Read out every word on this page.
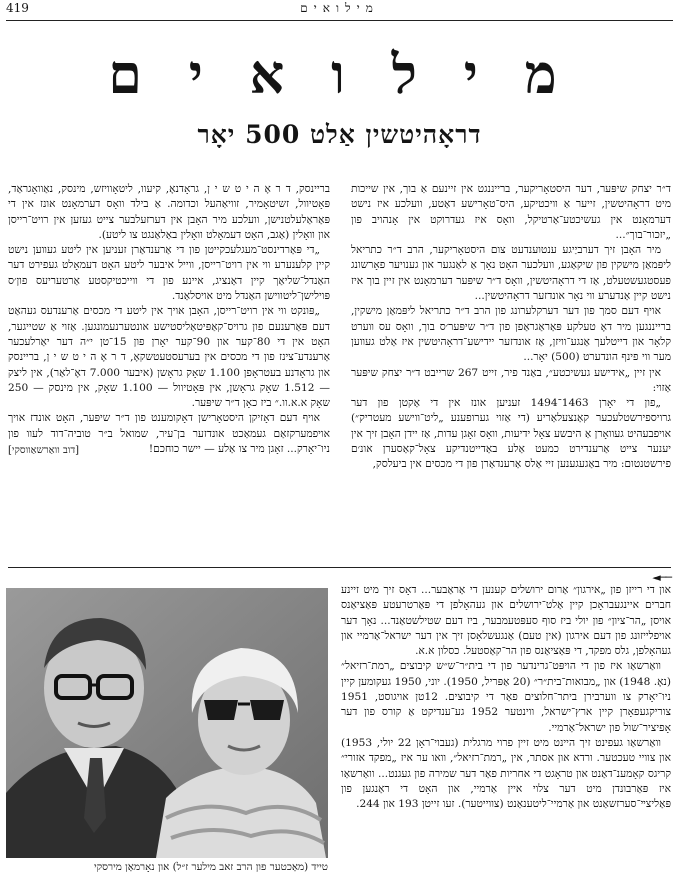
419	מילואים
מ י ל ו א י ם
דראָהיטשין אַלט 500 יאָר

ד״ר יצחק שיפּער, דער היסטאָריקער, ברייננגט אין זיינעם אַ בוך, אין שייכות מיט דראָהיטשין, זייער אַ וויכטיקע, היס־טאָרישע דאַטע, וועלכע איז נישט דערמאָנט אין געשיכטע־אַרטיקל, וואָס איז געדרוקט אין אָנהויב פון „יזכור־בוך״...

מיר האָבן זיך דערביַיגע ענטוענדעט צום היסטאָריקער, הרב ד״ר כתריאל ליפּמאַן מישקין פון שיקאַגע, וועלכער האָט נאָך אַ לאַנגער און גענויער פאָרשונג פעסטגעשטעלט, אַז די דראָהיטשין, וואָס ד״ר שיפּער דערמאָנט אין זיין בוך איז נישט קיין אַנדערע ווי נאָר אונדזער דראָהיטשין...

אויף דעם סמך פון דער דערקלערונג פון הרב ד״ר כתריאל ליפּמאַן מישקין, ברייננגען מיר דאָ טעלקע פּאַראַגראַפן פון ד״ר שיפּער׳ס בוך, וואָס עס ווערט קלאָר און דייטלעך אַנגע־וויזן, אַז אונדזער יידישע־דראָהיטשין איז אַלט געווען מער ווי פינף הונדערט (500) יאָר...

אין זיין „אידישע געשיכטע״, באַנד פיר, זייט 267 שרייבט ד״ר יצחק שיפּער אַזוי:

„פון די יאָרן 1463־1494 זעניען אונז אין די אַקטן פון דער גרויספירשטלעכער קאַנצעלאַריע (די אַזוי גערופענע „ליט־ווישע מעטריק״) אויפבעהיט געוואָרן אַ היבשע צאָל ידיעות, וואָס זאָגן עדות, אַז יידן האָבן זיך אין יענער צייט אַרענדירט כמעט אַלע באַדייטנדיקע צאָל־קאַסערן אונ׳ם פירשטנטום: מיר באַגעגענען זיי אַלס אַרענדאַרן פון די מכסים אין ביעלסק,

בריינסק, ד ר אָ ה י ט ש י ן, גראָדנאָ, קיעוו, ליטאָוויזש, מינסק, נאַוואָגראַד, פּאָטיוול, זשיטאָמיר, זוויאַהעל וכדומה. אַ בילד וואָס דערמאָנט אונז אין די פּאַראַלעלטנישן, וועלכע מיר האָבן אין דערזעלבער צייט געזען אין רויט־רייסן און וואָלין (אַגב, האָט דעמאָלט וואָלין באַלאַנגט צו ליטע).

„די פּאַרדינסט־מעגלעכקייטן פון די אַרענדאַרן זעניען אין ליטע געווען נישט קיין קלענערע ווי אין רויט־רייסן, ווייל איבער ליטע האָט דעמאָלט געפירט דער האַנדל־שליאַך קיין דאַנציג, איינע פון די ווייכטיקסטע אַרטעריעס פון׳ס פּוילישן־ליטווישן האַנדל מיט אויסלאַנד.

„פּונקט ווי אין רויט־רייסן, האָבן אויך אין ליטע די מכסים אַרענדעס געהאַט דעם פּאַרענעם פון גרויס־קאַפּיטאַליסטישע אונטערנעמונגען. אַזוי אַ שטייגער, האָט אין די 80־קער און 90־קער יאָרן פון 15־טן י״ה דער יאַרלעכער אַרענדע־צינז פון די מכסים אין בערעסטעטשקאָ, ד ר אָ ה י ט ש י ן, בריינסק און גראָדנע בעטראָפן 1.100 שאָק גראָשן (איבער 7.000 דאָ־לאַר), אין ליצק — 1.512 שאָק גראָשן, אין פּאָטיוול — 1.100 שאָק, אין מינסק — 250 שאָק א.א.וו.״ ביז כאָן ד״ר שיפּער.

אויף דעם דאָזיקן היסטאָרישן דאָקומענט פון ד״ר שיפּער, האָט אונדז אויך אויפמערקזאַם געמאַכט אונדזער בן־עיר, שמואל ב״ר טוביה־דוד לעוו פון ניו־יאָרק... זאָגן מיר צו אַלע — יישר כוחכם!
[דוב וואַרשאַווסקי]

◄──

און די רייזן פון „אירגון״ אַרום ירושלים קענען די אַראַבער... דאָס זיך מיט זיינע חברים איינגעבראָכן קיין אַלט־ירושלים און געהאָלפן די פּאַרטרעטע פּאַציאַנס אויסן „הר־ציון״ פון יולי ביז סוף סעפּטעמבער, ביז דעם שטילשטאַנד... נאָך דער אויפלייזונג פון דעם אירגון (אין טעם) אַנגעשלאָסן זיך אין דער ישראל־אַרמיי און געהאָלפן, גלס מפקד, די פּאַציאַנס פון הר־קאַסטעל. כסלון א.א.

וואַרשאַו איז פון די הויפּט־גרינדער פון די בית״ר־ש״ש קיבוצים „רמת־רזיאל״ (נאָ. 1948) און „מבואות־בית״ר״ (20 אַפּריל, 1950). יוני, 1950 געקומען קיין ניו־יאָרק צו ווערבירן ביתר־חלוצים פאַר די קיבוצים. 12טן אויגוסט, 1951 צוריקגעפאָרן קיין ארץ־ישראל, ווינטער 1952 גע־ענדיקט אַ קורס פון דער אָפיציר־שול פון ישראל־אַרמיי.

וואַרשאַו געפינט זיך היינט מיט זיין פרוי מרגלית (געבוי־ראָן 22 יולי, 1953) און צוויי טעכטער. ורדא און אסתר, אין „רמת־רזיאל״, וואו ער איז „מפקד אזורי״ קריגס קאָמענ־דאַנט און טראָגט די אחריות פאַר דער שמירה פון געגנט... וואַרשאַו איז פּאַרבונדן מיט דער צלוי איין אַרמיי, און האָט די ראַנגען פון פּאַליצײ־סערזשאַנט און אַרמיי־ליטענאַנט (צווייטער). זעו זייטן 193 און 244.

טייד (מאַכטער פון הרב זאב מילער ז״ל) און נאָרמאַן מירסקי
